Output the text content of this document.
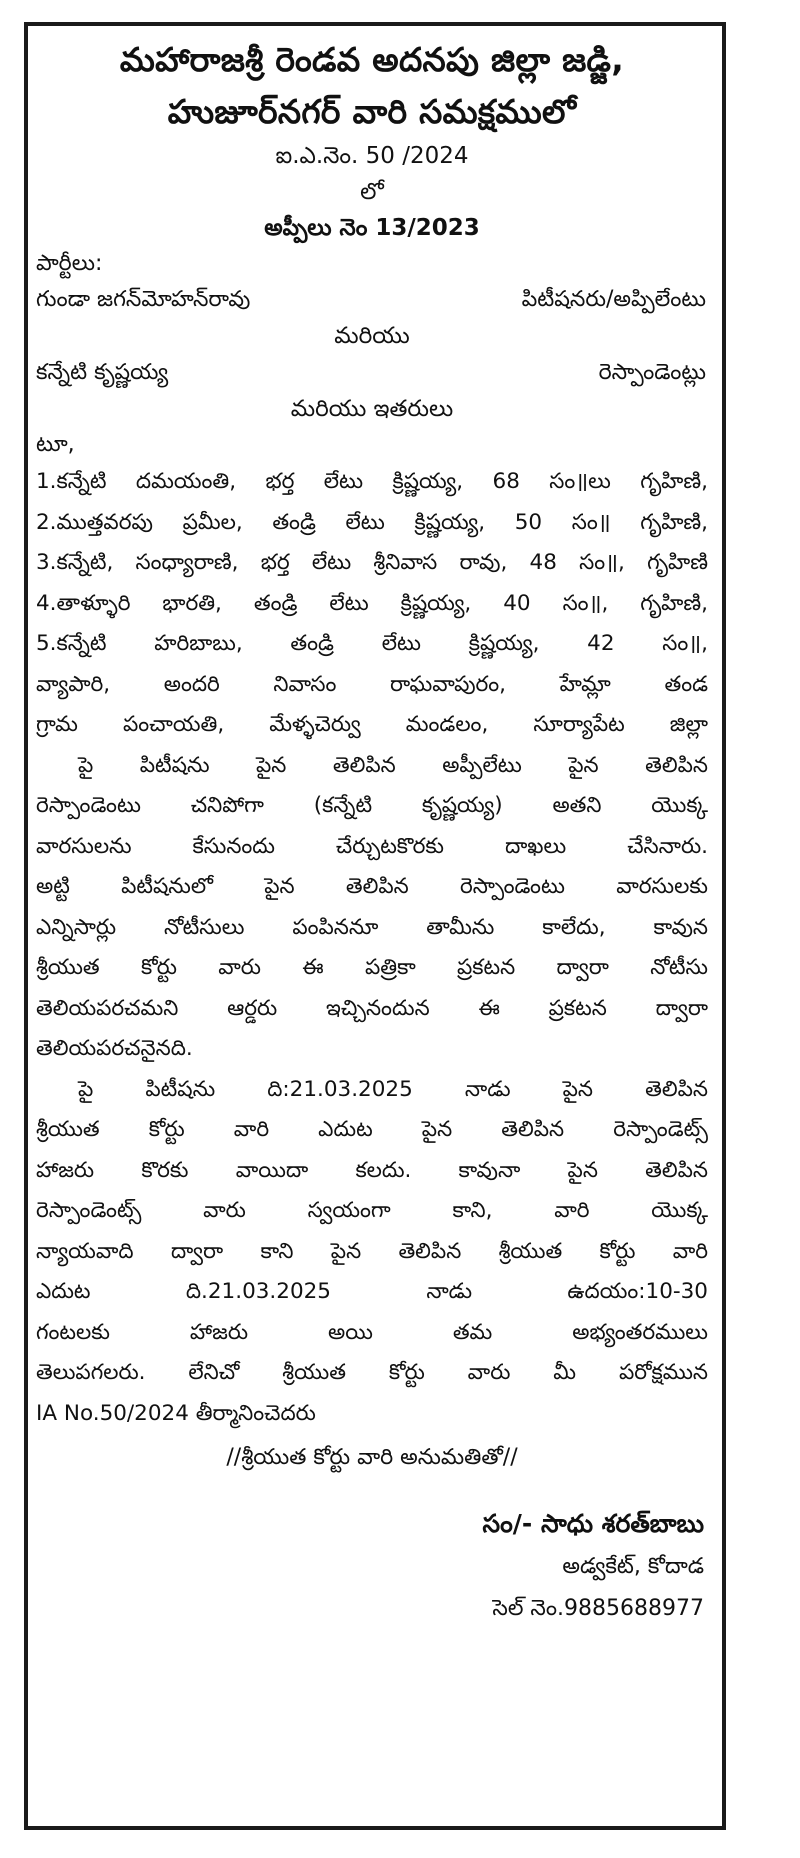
మహారాజశ్రీ రెండవ అదనపు జిల్లా జడ్జి,
హుజూర్‌నగర్ వారి సమక్షములో
ఐ.ఎ.నెం. 50 /2024
లో
అప్పీలు నెం 13/2023
పార్టీలు:
గుండా జగన్‌మోహన్‌రావు	పిటీషనరు/అప్పిలేంటు
మరియు
కన్నేటి కృష్ణయ్య	రెస్పాండెంట్లు
మరియు ఇతరులు
టూ,
1.కన్నేటి దమయంతి, భర్త లేటు క్రిష్ణయ్య, 68 సం॥లు గృహిణి,
2.ముత్తవరపు ప్రమీల, తండ్రి లేటు క్రిష్ణయ్య, 50 సం॥ గృహిణి,
3.కన్నేటి, సంధ్యారాణి, భర్త లేటు శ్రీనివాస రావు, 48 సం॥, గృహిణి
4.తాళ్ళూరి భారతి, తండ్రి లేటు క్రిష్ణయ్య, 40 సం॥, గృహిణి,
5.కన్నేటి హరిబాబు, తండ్రి లేటు క్రిష్ణయ్య, 42 సం॥,
వ్యాపారి, అందరి నివాసం రాఘవాపురం, హేమ్లా తండ
గ్రామ పంచాయతి, మేళ్ళచెర్వు మండలం, సూర్యాపేట జిల్లా
పై పిటీషను పైన తెలిపిన అప్పీలేటు పైన తెలిపిన
రెస్పాండెంటు చనిపోగా (కన్నేటి కృష్ణయ్య) అతని యొక్క
వారసులను కేసునందు చేర్చుటకొరకు దాఖలు చేసినారు.
అట్టి పిటీషనులో పైన తెలిపిన రెస్పాండెంటు వారసులకు
ఎన్నిసార్లు నోటీసులు పంపిననూ తామీను కాలేదు, కావున
శ్రీయుత కోర్టు వారు ఈ పత్రికా ప్రకటన ద్వారా నోటీసు
తెలియపరచమని ఆర్డరు ఇచ్చినందున ఈ ప్రకటన ద్వారా
తెలియపరచనైనది.
పై పిటీషను ది:21.03.2025 నాడు పైన తెలిపిన
శ్రీయుత కోర్టు వారి ఎదుట పైన తెలిపిన రెస్పాండెట్స్
హాజరు కొరకు వాయిదా కలదు. కావునా పైన తెలిపిన
రెస్పాండెంట్స్ వారు స్వయంగా కాని, వారి యొక్క
న్యాయవాది ద్వారా కాని పైన తెలిపిన శ్రీయుత కోర్టు వారి
ఎదుట ది.21.03.2025 నాడు ఉదయం:10-30
గంటలకు హాజరు అయి తమ అభ్యంతరములు
తెలుపగలరు. లేనిచో శ్రీయుత కోర్టు వారు మీ పరోక్షమున
IA No.50/2024 తీర్మానించెదరు
//శ్రీయుత కోర్టు వారి అనుమతితో//
సం/- సాధు శరత్‌బాబు
అడ్వకేట్, కోదాడ
సెల్ నెం.9885688977
